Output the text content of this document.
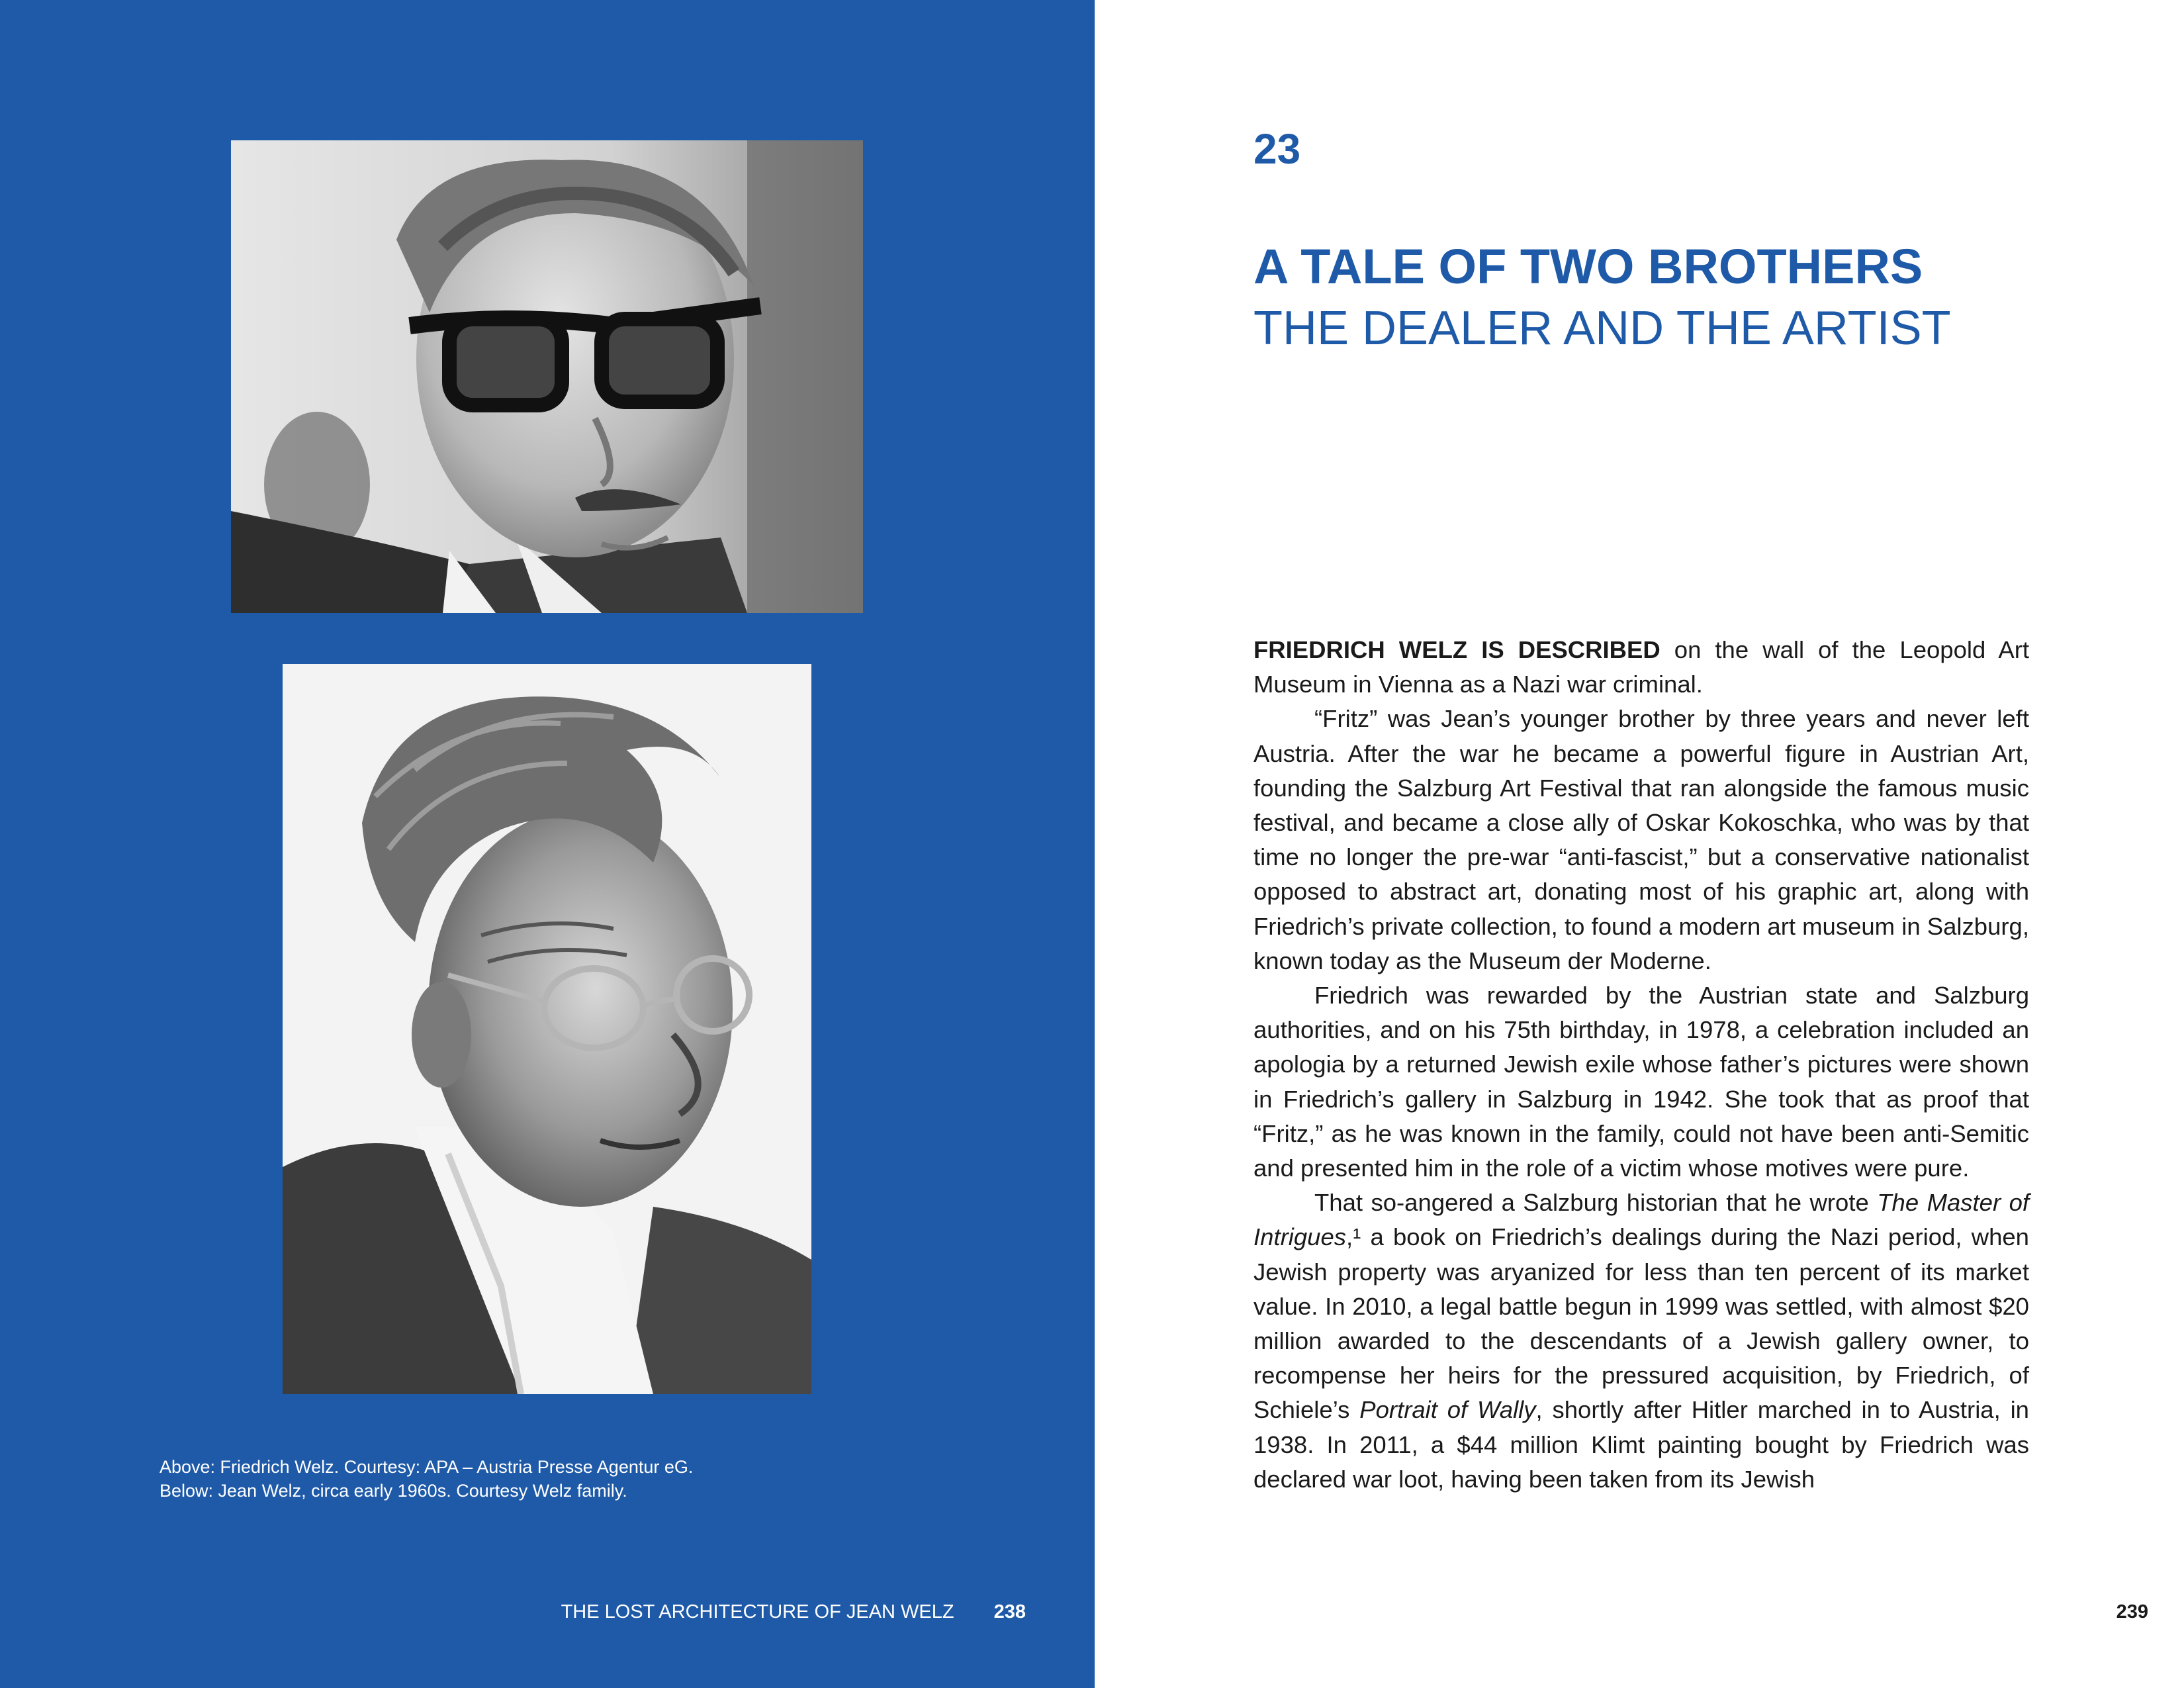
Above: Friedrich Welz. Courtesy: APA – Austria Presse Agentur eG.
Below: Jean Welz, circa early 1960s. Courtesy Welz family.
THE LOST ARCHITECTURE OF JEAN WELZ 238
23
A TALE OF TWO BROTHERS
THE DEALER AND THE ARTIST

FRIEDRICH WELZ IS DESCRIBED on the wall of the Leopold Art Museum in Vienna as a Nazi war criminal.

“Fritz” was Jean’s younger brother by three years and never left Austria. After the war he became a powerful figure in Austrian Art, founding the Salzburg Art Festival that ran alongside the famous music festival, and became a close ally of Oskar Kokoschka, who was by that time no longer the pre-war “anti-fascist,” but a conservative nationalist opposed to abstract art, donating most of his graphic art, along with Friedrich’s private collection, to found a modern art museum in Salzburg, known today as the Museum der Moderne.

Friedrich was rewarded by the Austrian state and Salzburg authorities, and on his 75th birthday, in 1978, a celebration included an apologia by a returned Jewish exile whose father’s pictures were shown in Friedrich’s gallery in Salzburg in 1942. She took that as proof that “Fritz,” as he was known in the family, could not have been anti-Semitic and presented him in the role of a victim whose motives were pure.

That so-angered a Salzburg historian that he wrote The Master of Intrigues,¹ a book on Friedrich’s dealings during the Nazi period, when Jewish property was aryanized for less than ten percent of its market value. In 2010, a legal battle begun in 1999 was settled, with almost $20 million awarded to the descendants of a Jewish gallery owner, to recompense her heirs for the pressured acquisition, by Friedrich, of Schiele’s Portrait of Wally, shortly after Hitler marched in to Austria, in 1938. In 2011, a $44 million Klimt painting bought by Friedrich was declared war loot, having been taken from its Jewish

239
